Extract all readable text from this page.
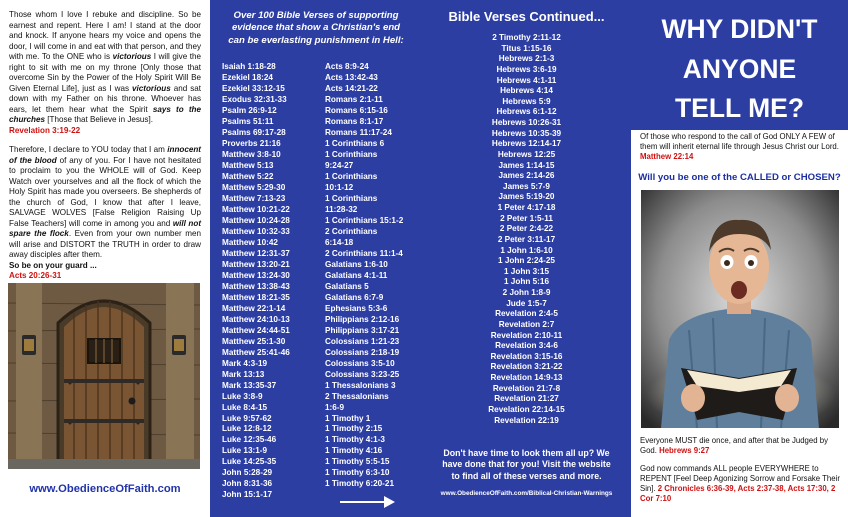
Those whom I love I rebuke and discipline. So be earnest and repent. Here I am! I stand at the door and knock. If anyone hears my voice and opens the door, I will come in and eat with that person, and they with me. To the ONE who is victorious I will give the right to sit with me on my throne [Only those that overcome Sin by the Power of the Holy Spirit Will Be Given Eternal Life], just as I was victorious and sat down with my Father on his throne. Whoever has ears, let them hear what the Spirit says to the churches [Those that Believe in Jesus].
Revelation 3:19-22

Therefore, I declare to YOU today that I am innocent of the blood of any of you. For I have not hesitated to proclaim to you the WHOLE will of God. Keep Watch over yourselves and all the flock of which the Holy Spirit has made you overseers. Be shepherds of the church of God, I know that after I leave, SALVAGE WOLVES [False Religion Raising Up False Teachers] will come in among you and will not spare the flock. Even from your own number men will arise and DISTORT the TRUTH in order to draw away disciples after them.
So be on your guard ...
Acts 20:26-31

www.ObedienceOfFaith.com
Over 100 Bible Verses of supporting
evidence that show a Christian's end
can be everlasting punishment in Hell:
Isaiah 1:18-28
Ezekiel 18:24
Ezekiel 33:12-15
Exodus 32:31-33
Psalm 26:9-12
Psalms 51:11
Psalms 69:17-28
Proverbs 21:16
Matthew 3:8-10
Matthew 5:13
Matthew 5:22
Matthew 5:29-30
Matthew 7:13-23
Matthew 10:21-22
Matthew 10:24-28
Matthew 10:32-33
Matthew 10:42
Matthew 12:31-37
Matthew 13:20-21
Matthew 13:24-30
Matthew 13:38-43
Matthew 18:21-35
Matthew 22:1-14
Matthew 24:10-13
Matthew 24:44-51
Matthew 25:1-30
Matthew 25:41-46
Mark 4:3-19
Mark 13:13
Mark 13:35-37
Luke 3:8-9
Luke 8:4-15
Luke 9:57-62
Luke 12:8-12
Luke 12:35-46
Luke 13:1-9
Luke 14:25-35
John 5:28-29
John 8:31-36
John 15:1-17
Acts 8:9-24
Acts 13:42-43
Acts 14:21-22
Romans 2:1-11
Romans 6:15-16
Romans 8:1-17
Romans 11:17-24
1 Corinthians 6
1 Corinthians
9:24-27
1 Corinthians
10:1-12
1 Corinthians
11:28-32
1 Corinthians 15:1-2
2 Corinthians
6:14-18
2 Corinthians 11:1-4
Galatians 1:6-10
Galatians 4:1-11
Galatians 5
Galatians 6:7-9
Ephesians 5:3-6
Philippians 2:12-16
Philippians 3:17-21
Colossians 1:21-23
Colossians 2:18-19
Colossians 3:5-10
Colossians 3:23-25
1 Thessalonians 3
2 Thessalonians
1:6-9
1 Timothy 1
1 Timothy 2:15
1 Timothy 4:1-3
1 Timothy 4:16
1 Timothy 5:5-15
1 Timothy 6:3-10
1 Timothy 6:20-21
Bible Verses Continued...
2 Timothy 2:11-12
Titus 1:15-16
Hebrews 2:1-3
Hebrews 3:6-19
Hebrews 4:1-11
Hebrews 4:14
Hebrews 5:9
Hebrews 6:1-12
Hebrews 10:26-31
Hebrews 10:35-39
Hebrews 12:14-17
Hebrews 12:25
James 1:14-15
James 2:14-26
James 5:7-9
James 5:19-20
1 Peter 4:17-18
2 Peter 1:5-11
2 Peter 2:4-22
2 Peter 3:11-17
1 John 1:6-10
1 John 2:24-25
1 John 3:15
1 John 5:16
2 John 1:8-9
Jude 1:5-7
Revelation 2:4-5
Revelation 2:7
Revelation 2:10-11
Revelation 3:4-6
Revelation 3:15-16
Revelation 3:21-22
Revelation 14:9-13
Revelation 21:7-8
Revelation 21:27
Revelation 22:14-15
Revelation 22:19
Don't have time to look them all up? We
have done that for you! Visit the website
to find all of these verses and more.
www.ObedienceOfFaith.com/Biblical-Christian-Warnings
WHY DIDN'T
ANYONE
TELL ME?

Of those who respond to the call of God ONLY A FEW of them will inherit eternal life through Jesus Christ our Lord. Matthew 22:14

Will you be one of the CALLED or CHOSEN?

Everyone MUST die once, and after that be Judged by God. Hebrews 9:27

God now commands ALL people EVERYWHERE to REPENT [Feel Deep Agonizing Sorrow and Forsake Their Sin]. 2 Chronicles 6:36-39, Acts 2:37-38, Acts 17:30, 2 Cor 7:10
